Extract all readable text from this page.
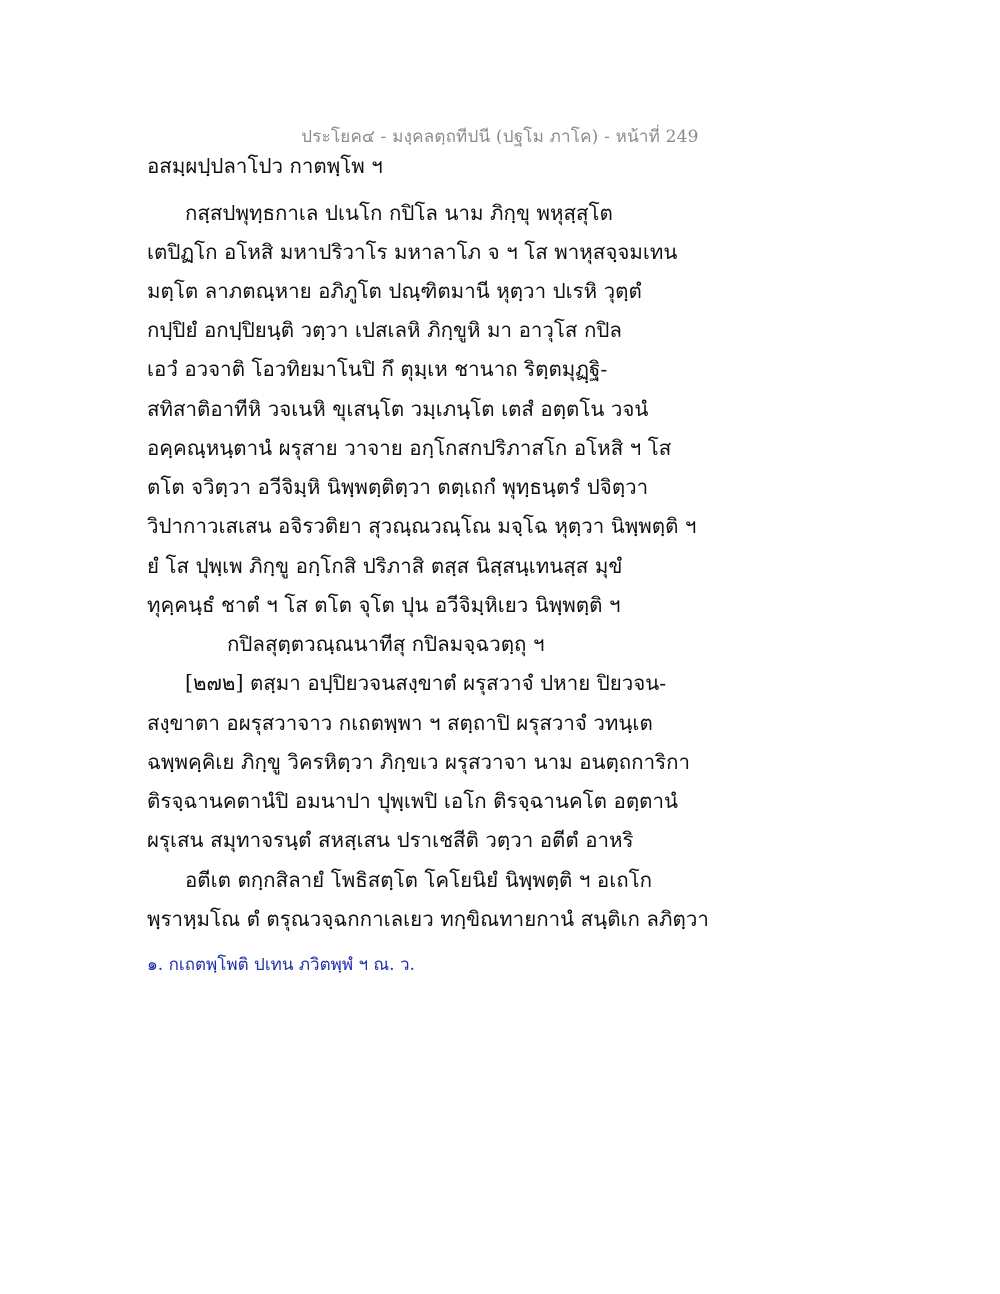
ประโยค๔ - มงฺคลตฺถทีปนี (ปฐโม ภาโค) - หน้าที่ 249
อสมฺผปฺปลาโปว กาตพฺโพ ฯ
กสฺสปพุทฺธกาเล ปเนโก กปิโล นาม ภิกฺขุ พหุสฺสุโต
เตปิฏโก อโหสิ มหาปริวาโร มหาลาโภ จ ฯ โส พาหุสจฺจมเทน
มตฺโต ลาภตณฺหาย อภิภูโต ปณฺฑิตมานี หุตฺวา ปเรหิ วุตฺตํ
กปฺปิยํ อกปฺปิยนฺติ วตฺวา เปสเลหิ ภิกฺขูหิ มา อาวุโส กปิล
เอวํ อวจาติ โอวทิยมาโนปิ กึ ตุมฺเห ชานาถ ริตฺตมุฏฺฐิ-
สทิสาติอาทีหิ วจเนหิ ขุเสนฺโต วมฺเภนฺโต เตสํ อตฺตโน วจนํ
อคฺคณฺหนฺตานํ ผรุสาย วาจาย อกฺโกสกปริภาสโก อโหสิ ฯ โส
ตโต จวิตฺวา อวีจิมฺหิ นิพฺพตฺติตฺวา ตตฺเถกํ พุทฺธนฺตรํ ปจิตฺวา
วิปากาวเสเสน อจิรวติยา สุวณฺณวณฺโณ มจฺโฉ หุตฺวา นิพฺพตฺติ ฯ
ยํ โส ปุพฺเพ ภิกฺขู อกฺโกสิ ปริภาสิ ตสฺส นิสฺสนฺเทนสฺส มุขํ
ทุคฺคนฺธํ ชาตํ ฯ โส ตโต จุโต ปุน อวีจิมฺหิเยว นิพฺพตฺติ ฯ
กปิลสุตฺตวณฺณนาทีสุ กปิลมจฺฉวตฺถุ ฯ
[๒๗๒] ตสฺมา อปฺปิยวจนสงฺขาตํ ผรุสวาจํ ปหาย ปิยวจน-
สงฺขาตา อผรุสวาจาว กเถตพฺพา ฯ สตฺถาปิ ผรุสวาจํ วทนฺเต
ฉพฺพคฺคิเย ภิกฺขู วิครหิตฺวา ภิกฺขเว ผรุสวาจา นาม อนตฺถการิกา
ติรจฺฉานคตานํปิ อมนาปา ปุพฺเพปิ เอโก ติรจฺฉานคโต อตฺตานํ
ผรุเสน สมุทาจรนฺตํ สหสฺเสน ปราเชสีติ วตฺวา อตีตํ อาหริ
อตีเต ตกฺกสิลายํ โพธิสตฺโต โคโยนิยํ นิพฺพตฺติ ฯ อเถโก
พฺราหฺมโณ ตํ ตรุณวจฺฉกกาเลเยว ทกฺขิณทายกานํ สนฺติเก ลภิตฺวา
๑. กเถตพฺโพติ ปเทน ภวิตพฺพํ ฯ ณ. ว.
